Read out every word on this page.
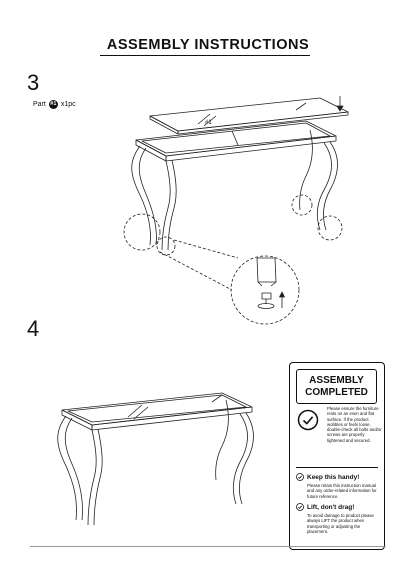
ASSEMBLY INSTRUCTIONS
3
Part #1 x1pc
4
#1
ASSEMBLY
COMPLETED
Please ensure the furniture rests on an even and flat surface. If the product wobbles or feels loose, double-check all bolts and/or screws are properly tightened and secured.
Keep this handy!
Please retain this instruction manual and any order-related information for future reference.
Lift, don't drag!
To avoid damage to product please always LIFT the product when transporting or adjusting the placement.
